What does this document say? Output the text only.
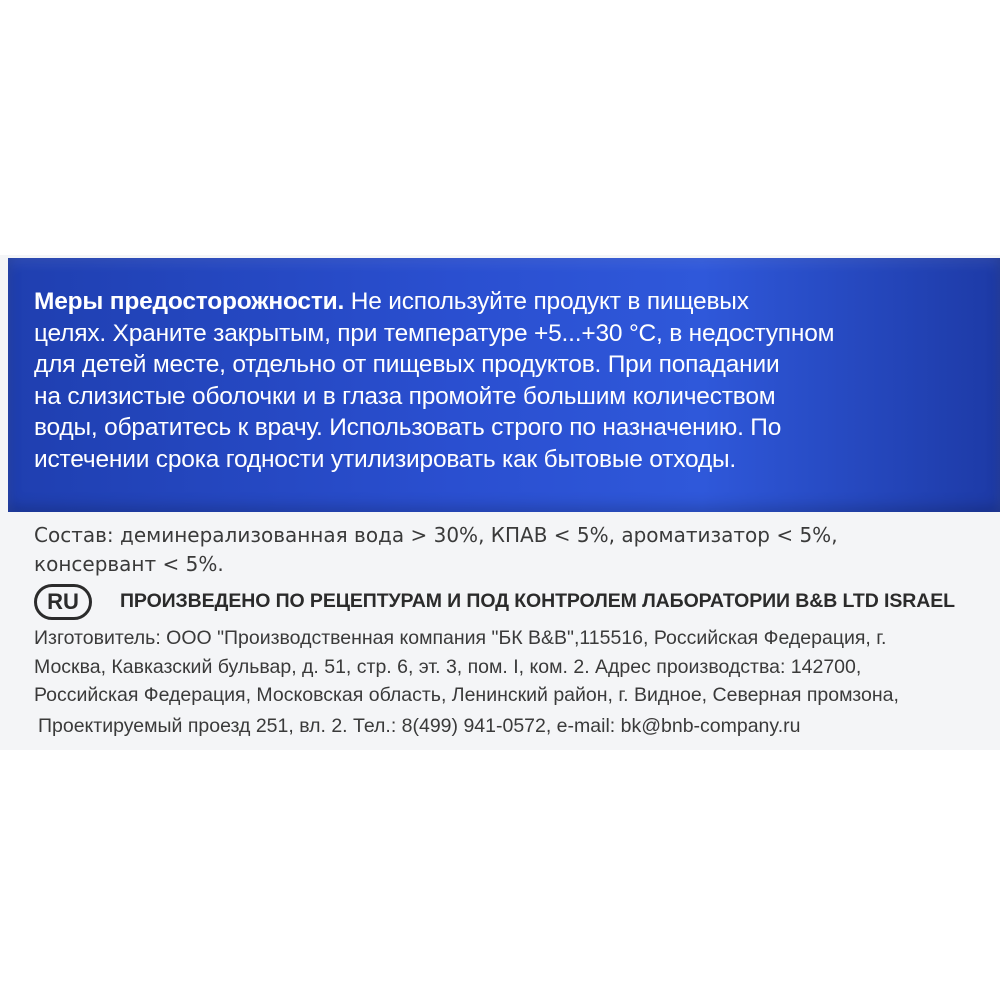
Меры предосторожности. Не используйте продукт в пищевых
целях. Храните закрытым, при температуре +5...+30 °С, в недоступном
для детей месте, отдельно от пищевых продуктов. При попадании
на слизистые оболочки и в глаза промойте большим количеством
воды, обратитесь к врачу. Использовать строго по назначению. По
истечении срока годности утилизировать как бытовые отходы.
Состав: деминерализованная вода > 30%, КПАВ < 5%, ароматизатор < 5%,
консервант < 5%.
RU	ПРОИЗВЕДЕНО ПО РЕЦЕПТУРАМ И ПОД КОНТРОЛЕМ ЛАБОРАТОРИИ B&B LTD ISRAEL
Изготовитель: ООО "Производственная компания "БК B&B",115516, Российская Федерация, г.
Москва, Кавказский бульвар, д. 51, стр. 6, эт. 3, пом. I, ком. 2. Адрес производства: 142700,
Российская Федерация, Московская область, Ленинский район, г. Видное, Северная промзона,
Проектируемый проезд 251, вл. 2. Тел.: 8(499) 941-0572, e-mail: bk@bnb-company.ru
